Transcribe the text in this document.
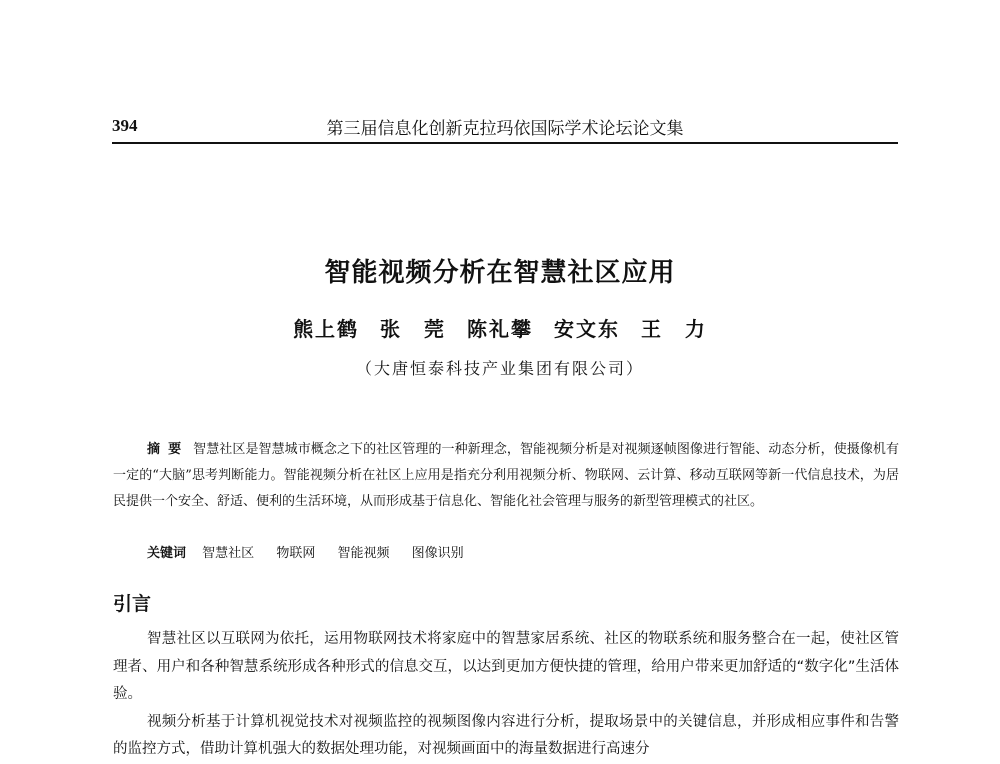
394	第三届信息化创新克拉玛依国际学术论坛论文集
智能视频分析在智慧社区应用
熊上鹤 张　莞 陈礼攀 安文东 王　力
（大唐恒泰科技产业集团有限公司）

摘要 智慧社区是智慧城市概念之下的社区管理的一种新理念，智能视频分析是对视频逐帧图像进行智能、动态分析，使摄像机有一定的“大脑”思考判断能力。智能视频分析在社区上应用是指充分利用视频分析、物联网、云计算、移动互联网等新一代信息技术，为居民提供一个安全、舒适、便利的生活环境，从而形成基于信息化、智能化社会管理与服务的新型管理模式的社区。

关键词 智慧社区 物联网 智能视频 图像识别
引言

智慧社区以互联网为依托，运用物联网技术将家庭中的智慧家居系统、社区的物联系统和服务整合在一起，使社区管理者、用户和各种智慧系统形成各种形式的信息交互，以达到更加方便快捷的管理，给用户带来更加舒适的“数字化”生活体验。

视频分析基于计算机视觉技术对视频监控的视频图像内容进行分析，提取场景中的关键信息，并形成相应事件和告警的监控方式，借助计算机强大的数据处理功能，对视频画面中的海量数据进行高速分
